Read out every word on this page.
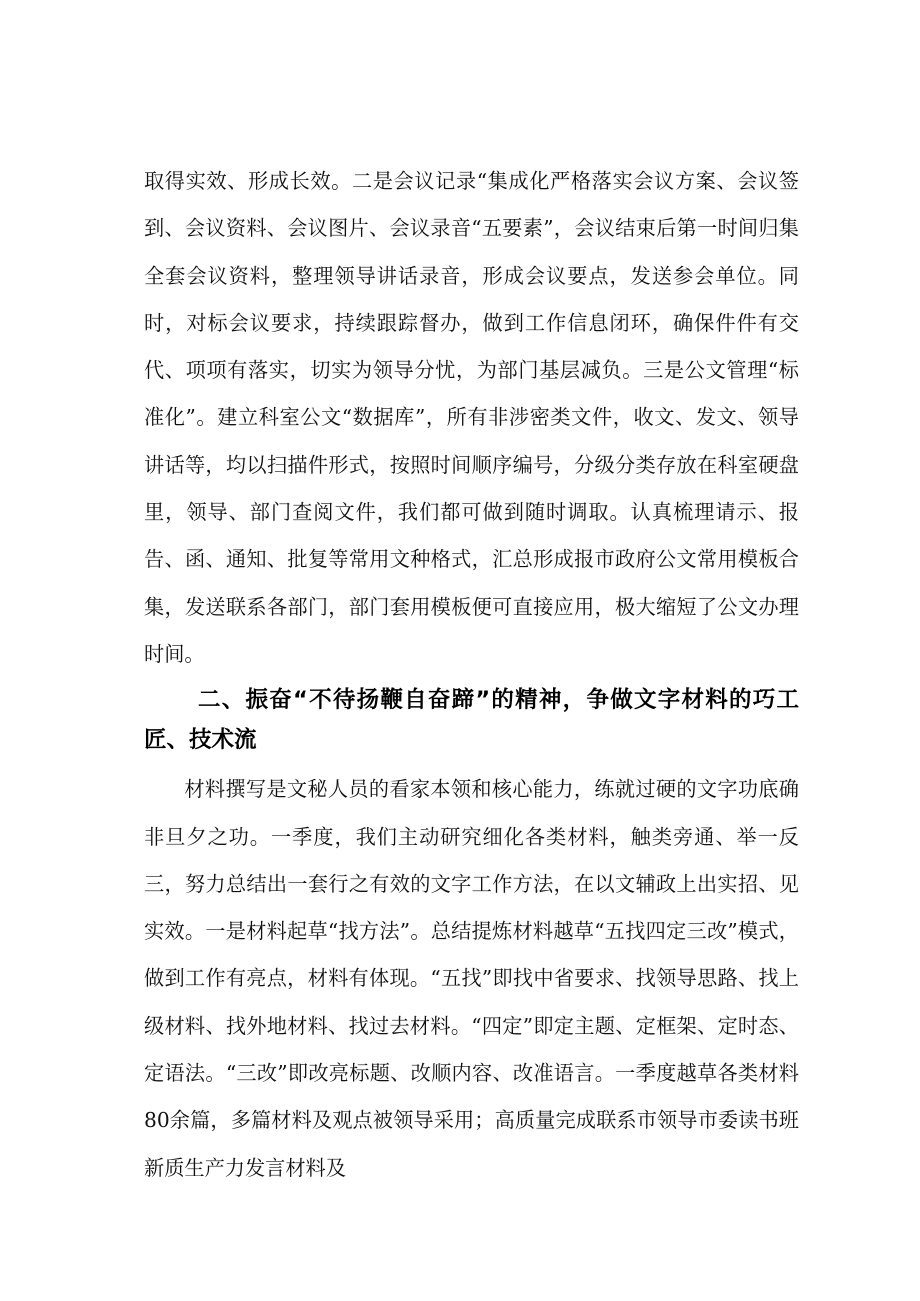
取得实效、形成长效。二是会议记录“集成化严格落实会议方案、会议签到、会议资料、会议图片、会议录音“五要素”，会议结束后第一时间归集全套会议资料，整理领导讲话录音，形成会议要点，发送参会单位。同时，对标会议要求，持续跟踪督办，做到工作信息闭环，确保件件有交代、项项有落实，切实为领导分忧，为部门基层减负。三是公文管理“标准化”。建立科室公文“数据库”，所有非涉密类文件，收文、发文、领导讲话等，均以扫描件形式，按照时间顺序编号，分级分类存放在科室硬盘里，领导、部门查阅文件，我们都可做到随时调取。认真梳理请示、报告、函、通知、批复等常用文种格式，汇总形成报市政府公文常用模板合集，发送联系各部门，部门套用模板便可直接应用，极大缩短了公文办理时间。

二、振奋“不待扬鞭自奋蹄”的精神，争做文字材料的巧工匠、技术流

材料撰写是文秘人员的看家本领和核心能力，练就过硬的文字功底确非旦夕之功。一季度，我们主动研究细化各类材料，触类旁通、举一反三，努力总结出一套行之有效的文字工作方法，在以文辅政上出实招、见实效。一是材料起草“找方法”。总结提炼材料越草“五找四定三改”模式，做到工作有亮点，材料有体现。“五找”即找中省要求、找领导思路、找上级材料、找外地材料、找过去材料。“四定”即定主题、定框架、定时态、定语法。“三改”即改亮标题、改顺内容、改准语言。一季度越草各类材料80余篇，多篇材料及观点被领导采用；高质量完成联系市领导市委读书班新质生产力发言材料及
